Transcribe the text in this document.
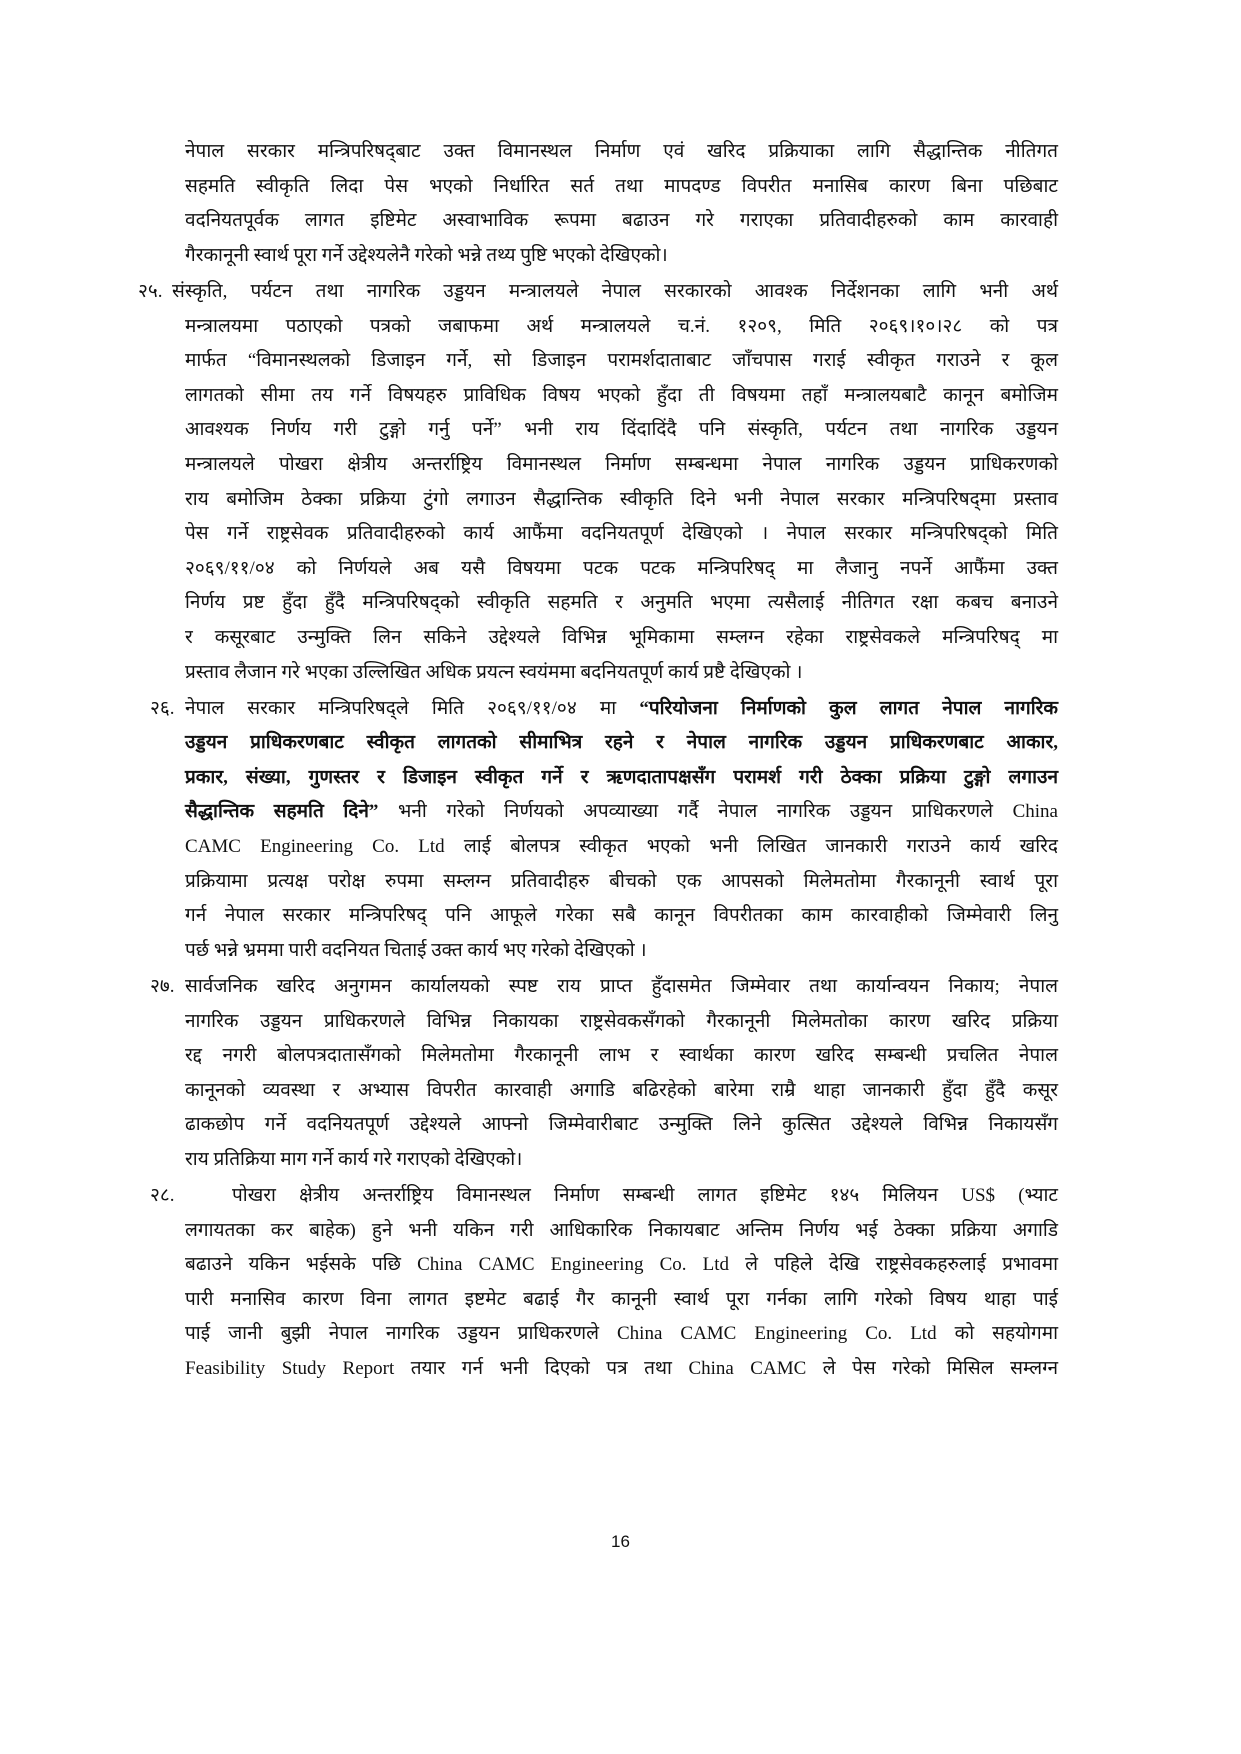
नेपाल सरकार मन्त्रिपरिषद्‌बाट उक्त विमानस्थल निर्माण एवं खरिद प्रक्रियाका लागि सैद्धान्तिक नीतिगत
सहमति स्वीकृति लिदा पेस भएको निर्धारित सर्त तथा मापदण्ड विपरीत मनासिब कारण बिना पछिबाट
वदनियतपूर्वक लागत इष्टिमेट अस्वाभाविक रूपमा बढाउन गरे गराएका प्रतिवादीहरुको काम कारवाही
गैरकानूनी स्वार्थ पूरा गर्ने उद्देश्यलेनै गरेको भन्ने तथ्य पुष्टि भएको देखिएको।
२५. संस्कृति, पर्यटन तथा नागरिक उड्डयन मन्त्रालयले नेपाल सरकारको आवश्क निर्देशनका लागि भनी अर्थ
मन्त्रालयमा पठाएको पत्रको जबाफमा अर्थ मन्त्रालयले च.नं. १२०९, मिति २०६९।१०।२८ को पत्र
मार्फत “विमानस्थलको डिजाइन गर्ने, सो डिजाइन परामर्शदाताबाट जाँचपास गराई स्वीकृत गराउने र कूल
लागतको सीमा तय गर्ने विषयहरु प्राविधिक विषय भएको हुँदा ती विषयमा तहाँ मन्त्रालयबाटै कानून बमोजिम
आवश्यक निर्णय गरी टुङ्गो गर्नु पर्ने” भनी राय दिंदादिंदै पनि संस्कृति, पर्यटन तथा नागरिक उड्डयन
मन्त्रालयले पोखरा क्षेत्रीय अन्तर्राष्ट्रिय विमानस्थल निर्माण सम्बन्धमा नेपाल नागरिक उड्डयन प्राधिकरणको
राय बमोजिम ठेक्का प्रक्रिया टुंगो लगाउन सैद्धान्तिक स्वीकृति दिने भनी नेपाल सरकार मन्त्रिपरिषद्‌मा प्रस्ताव
पेस गर्ने राष्ट्रसेवक प्रतिवादीहरुको कार्य आफैंमा वदनियतपूर्ण देखिएको । नेपाल सरकार मन्त्रिपरिषद्‌को मिति
२०६९/११/०४ को निर्णयले अब यसै विषयमा पटक पटक मन्त्रिपरिषद्‌ मा लैजानु नपर्ने आफैंमा उक्त
निर्णय प्रष्ट हुँदा हुँदै मन्त्रिपरिषद्‌को स्वीकृति सहमति र अनुमति भएमा त्यसैलाई नीतिगत रक्षा कबच बनाउने
र कसूरबाट उन्मुक्ति लिन सकिने उद्देश्यले विभिन्न भूमिकामा सम्लग्न रहेका राष्ट्रसेवकले मन्त्रिपरिषद्‌ मा
प्रस्ताव लैजान गरे भएका उल्लिखित अधिक प्रयत्न स्वयंममा बदनियतपूर्ण कार्य प्रष्टै देखिएको ।
२६. नेपाल सरकार मन्त्रिपरिषद्‌ले मिति २०६९/११/०४ मा “परियोजना निर्माणको कुल लागत नेपाल नागरिक
उड्डयन प्राधिकरणबाट स्वीकृत लागतको सीमाभित्र रहने र नेपाल नागरिक उड्डयन प्राधिकरणबाट आकार,
प्रकार, संख्या, गुणस्तर र डिजाइन स्वीकृत गर्ने र ऋणदातापक्षसँग परामर्श गरी ठेक्का प्रक्रिया टुङ्गो लगाउन
सैद्धान्तिक सहमति दिने” भनी गरेको निर्णयको अपव्याख्या गर्दै नेपाल नागरिक उड्डयन प्राधिकरणले China
CAMC Engineering Co. Ltd लाई बोलपत्र स्वीकृत भएको भनी लिखित जानकारी गराउने कार्य खरिद
प्रक्रियामा प्रत्यक्ष परोक्ष रुपमा सम्लग्न प्रतिवादीहरु बीचको एक आपसको मिलेमतोमा गैरकानूनी स्वार्थ पूरा
गर्न नेपाल सरकार मन्त्रिपरिषद्‌ पनि आफूले गरेका सबै कानून विपरीतका काम कारवाहीको जिम्मेवारी लिनु
पर्छ भन्ने भ्रममा पारी वदनियत चिताई उक्त कार्य भए गरेको देखिएको ।
२७. सार्वजनिक खरिद अनुगमन कार्यालयको स्पष्ट राय प्राप्त हुँदासमेत जिम्मेवार तथा कार्यान्वयन निकाय; नेपाल
नागरिक उड्डयन प्राधिकरणले विभिन्न निकायका राष्ट्रसेवकसँगको गैरकानूनी मिलेमतोका कारण खरिद प्रक्रिया
रद्द नगरी बोलपत्रदातासँगको मिलेमतोमा गैरकानूनी लाभ र स्वार्थका कारण खरिद सम्बन्धी प्रचलित नेपाल
कानूनको व्यवस्था र अभ्यास विपरीत कारवाही अगाडि बढिरहेको बारेमा राम्रै थाहा जानकारी हुँदा हुँदै कसूर
ढाकछोप गर्ने वदनियतपूर्ण उद्देश्यले आफ्नो जिम्मेवारीबाट उन्मुक्ति लिने कुत्सित उद्देश्यले विभिन्न निकायसँग
राय प्रतिक्रिया माग गर्ने कार्य गरे गराएको देखिएको।
२८.	पोखरा क्षेत्रीय अन्तर्राष्ट्रिय विमानस्थल निर्माण सम्बन्धी लागत इष्टिमेट १४५ मिलियन US$ (भ्याट
लगायतका कर बाहेक) हुने भनी यकिन गरी आधिकारिक निकायबाट अन्तिम निर्णय भई ठेक्का प्रक्रिया अगाडि
बढाउने यकिन भईसके पछि China CAMC Engineering Co. Ltd ले पहिले देखि राष्ट्रसेवकहरुलाई प्रभावमा
पारी मनासिव कारण विना लागत इष्टमेट बढाई गैर कानूनी स्वार्थ पूरा गर्नका लागि गरेको विषय थाहा पाई
पाई जानी बुझी नेपाल नागरिक उड्डयन प्राधिकरणले China CAMC Engineering Co. Ltd को सहयोगमा
Feasibility Study Report तयार गर्न भनी दिएको पत्र तथा China CAMC ले पेस गरेको मिसिल सम्लग्न
16
